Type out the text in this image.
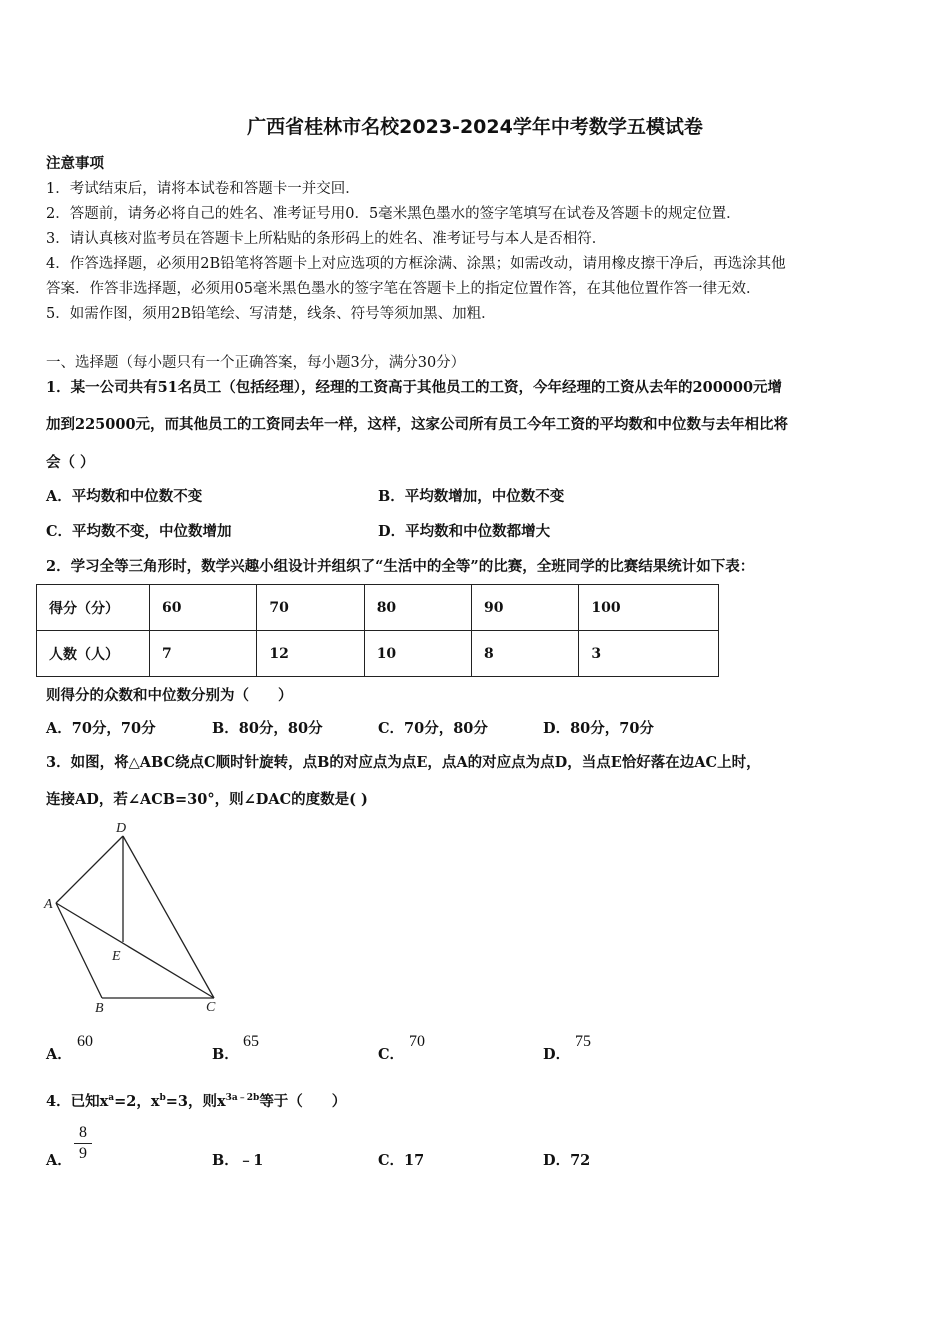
广西省桂林市名校2023-2024学年中考数学五模试卷
注意事项
1．考试结束后，请将本试卷和答题卡一并交回．
2．答题前，请务必将自己的姓名、准考证号用0．5毫米黑色墨水的签字笔填写在试卷及答题卡的规定位置．
3．请认真核对监考员在答题卡上所粘贴的条形码上的姓名、准考证号与本人是否相符．
4．作答选择题，必须用2B铅笔将答题卡上对应选项的方框涂满、涂黑；如需改动，请用橡皮擦干净后，再选涂其他
答案．作答非选择题，必须用05毫米黑色墨水的签字笔在答题卡上的指定位置作答，在其他位置作答一律无效．
5．如需作图，须用2B铅笔绘、写清楚，线条、符号等须加黑、加粗．
一、选择题（每小题只有一个正确答案，每小题3分，满分30分）
1．某一公司共有51名员工（包括经理），经理的工资高于其他员工的工资，今年经理的工资从去年的200000元增
加到225000元，而其他员工的工资同去年一样，这样，这家公司所有员工今年工资的平均数和中位数与去年相比将
会（ ）
A．平均数和中位数不变	B．平均数增加，中位数不变
C．平均数不变，中位数增加	D．平均数和中位数都增大
2．学习全等三角形时，数学兴趣小组设计并组织了“生活中的全等”的比赛，全班同学的比赛结果统计如下表：
得分（分）	60	70	80	90	100
人数（人）	7	12	10	8	3
则得分的众数和中位数分别为（　　）
A．70分，70分	B．80分，80分	C．70分，80分	D．80分，70分
3．如图，将△ABC绕点C顺时针旋转，点B的对应点为点E，点A的对应点为点D，当点E恰好落在边AC上时，
连接AD，若∠ACB=30°，则∠DAC的度数是( )
D
A
E
B	C
A．
60
B．
65
C．
70
D．
75
4．已知$x^a=2$，$x^b=3$，则$x^{3a﹣2b}$等于（　　）
A．
8
9	B．﹣1	C．17	D．72
